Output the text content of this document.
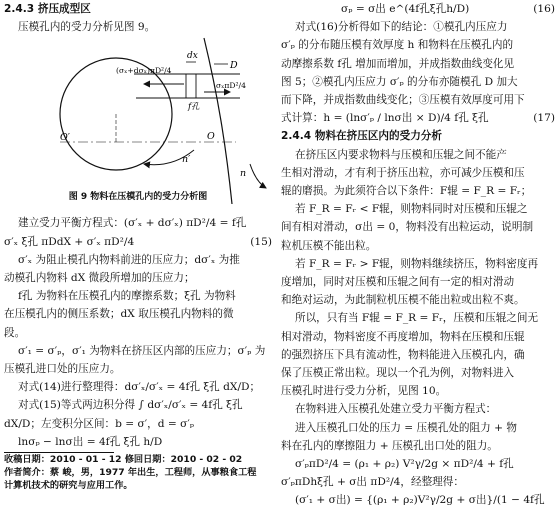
2.4.3 挤压成型区
压模孔内的受力分析见图 9。
dx
D
(σₓ+dσₓ)πD²/4
σₓπD²/4
f孔
O′	O
n′
n
图 9 物料在压模孔内的受力分析图
建立受力平衡方程式：(σ′ₓ + dσ′ₓ) πD²/4 = f孔
σ′ₓ ξ孔 πDdX + σ′ₓ πD²/4	(15)
σ′ₓ 为阻止模孔内物料前进的压应力；dσ′ₓ 为推
动模孔内物料 dX 微段所增加的压应力；
f孔 为物料在压模孔内的摩擦系数；ξ孔 为物料
在压模孔内的侧压系数；dX 取压模孔内物料的微
段。
σ′₁ = σ′ₚ，σ′₁ 为物料在挤压区内部的压应力；σ′ₚ 为
压模孔进口处的压应力。
对式(14)进行整理得：dσ′ₓ/σ′ₓ = 4f孔 ξ孔 dX/D；
对式(15)等式两边积分得 ∫ dσ′ₓ/σ′ₓ = 4f孔 ξ孔
dX/D；左变积分区间：b = σ′，d = σ′ₚ
lnσₚ − lnσ出 = 4f孔 ξ孔 h/D
收稿日期：2010 - 01 - 12 修回日期：2010 - 02 - 02
作者简介：蔡 峻，男，1977 年出生，工程师，从事粮食工程
计算机技术的研究与应用工作。
σₚ = σ出 e^(4f孔ξ孔h/D)	(16)
对式(16)分析得如下的结论：①模孔内压应力
σ′ₚ 的分布随压模有效厚度 h 和物料在压模孔内的
动摩擦系数 f孔 增加而增加，并成指数曲线变化见
图 5；②模孔内压应力 σ′ₚ 的分布亦随模孔 D 加大
而下降，并成指数曲线变化；③压模有效厚度可用下
式计算：h = (lnσ′ₚ / lnσ出 × D)/4 f孔 ξ孔	(17)
2.4.4 物料在挤压区内的受力分析
在挤压区内要求物料与压模和压辊之间不能产
生相对滑动，才有利于挤压出粒，亦可减少压模和压
辊的磨损。为此须符合以下条件：F辊 = F_R = Fᵣ；
若 F_R = Fᵣ < F辊，则物料同时对压模和压辊之
间有相对滑动，σ出 = 0，物料没有出粒运动，说明制
粒机压模不能出粒。
若 F_R = Fᵣ > F辊，则物料继续挤压，物料密度再
度增加，同时对压模和压辊之间有一定的相对滑动
和绝对运动，为此制粒机压模不能出粒或出粒不爽。
所以，只有当 F辊 = F_R = Fᵣ，压模和压辊之间无
相对滑动，物料密度不再度增加，物料在压模和压辊
的强烈挤压下具有流动性，物料能进入压模孔内，确
保了压模正常出粒。现以一个孔为例，对物料进入
压模孔时进行受力分析，见图 10。
在物料进入压模孔处建立受力平衡方程式：
进入压模孔口处的压力 = 压模孔处的阻力 + 物
料在孔内的摩擦阻力 + 压模孔出口处的阻力。
σ′ₚπD²/4 = (ρ₁ + ρ₂) V²γ/2g × πD²/4 + f孔
σ′ₚπDhξ孔 + σ出 πD²/4，经整理得：
(σ′₁ + σ出) = {(ρ₁ + ρ₂)V²γ/2g + σ出}/(1 − 4f孔
